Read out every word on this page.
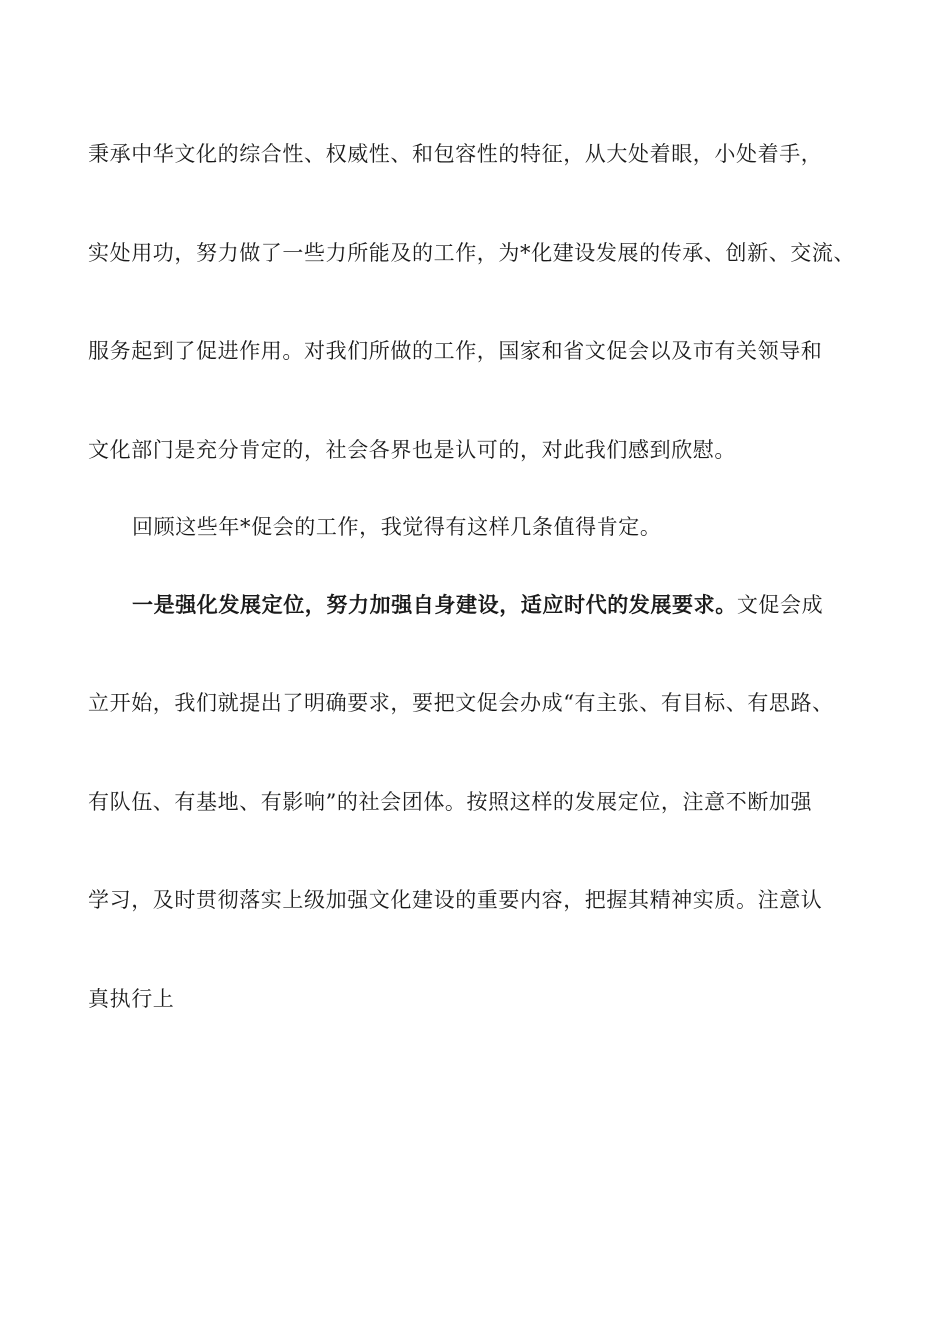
秉承中华文化的综合性、权威性、和包容性的特征，从大处着眼，小处着手，
实处用功，努力做了一些力所能及的工作，为*化建设发展的传承、创新、交流、
服务起到了促进作用。对我们所做的工作，国家和省文促会以及市有关领导和
文化部门是充分肯定的，社会各界也是认可的，对此我们感到欣慰。
回顾这些年*促会的工作，我觉得有这样几条值得肯定。
一是强化发展定位，努力加强自身建设，适应时代的发展要求。文促会成
立开始，我们就提出了明确要求，要把文促会办成“有主张、有目标、有思路、
有队伍、有基地、有影响”的社会团体。按照这样的发展定位，注意不断加强
学习，及时贯彻落实上级加强文化建设的重要内容，把握其精神实质。注意认
真执行上
